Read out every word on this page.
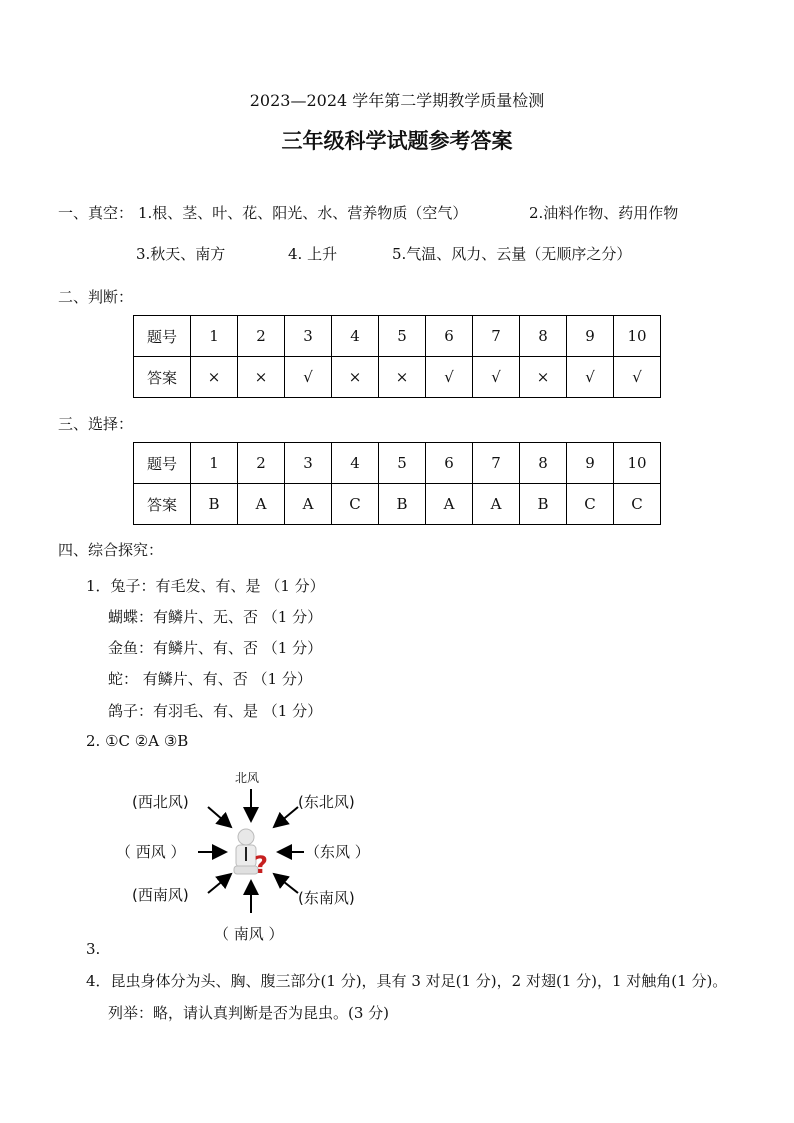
2023—2024 学年第二学期教学质量检测
三年级科学试题参考答案
一、真空： 1.根、茎、叶、花、阳光、水、营养物质（空气）	2.油料作物、药用作物
3.秋天、南方	4. 上升	5.气温、风力、云量（无顺序之分）
二、判断：
题号	1	2	3	4	5	6	7	8	9	10
答案	×	×	√	×	×	√	√	×	√	√
三、选择：
题号	1	2	3	4	5	6	7	8	9	10
答案	B	A	A	C	B	A	A	B	C	C
四、综合探究：
1．兔子：有毛发、有、是 （1 分）
蝴蝶：有鳞片、无、否 （1 分）
金鱼：有鳞片、有、否 （1 分）
蛇： 有鳞片、有、否 （1 分）
鸽子：有羽毛、有、是 （1 分）
2. ①C ②A ③B
北风
(西北风)	(东北风)
（ 西风 ）	（东风 ）
(西南风)	(东南风)
（ 南风 ）
?
3.
4．昆虫身体分为头、胸、腹三部分(1 分)，具有 3 对足(1 分)，2 对翅(1 分)，1 对触角(1 分)。
列举：略，请认真判断是否为昆虫。(3 分)
